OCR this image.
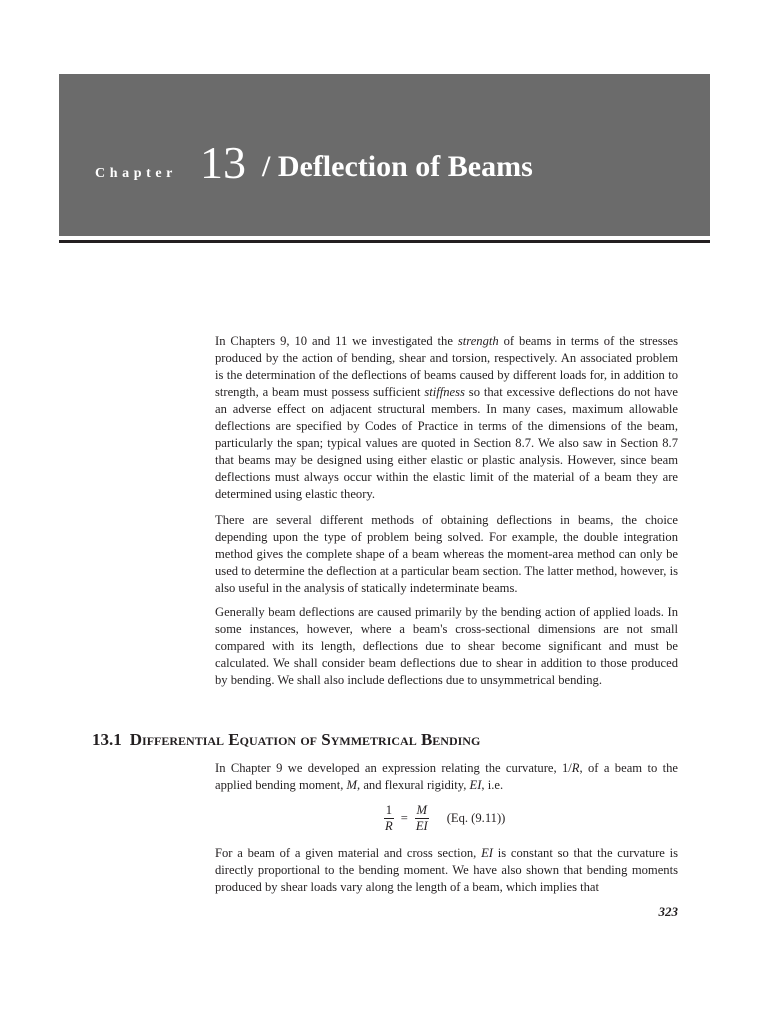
Chapter 13 / Deflection of Beams

In Chapters 9, 10 and 11 we investigated the strength of beams in terms of the stresses produced by the action of bending, shear and torsion, respectively. An associated problem is the determination of the deflections of beams caused by different loads for, in addition to strength, a beam must possess sufficient stiffness so that excessive deflections do not have an adverse effect on adjacent structural members. In many cases, maximum allowable deflections are specified by Codes of Practice in terms of the dimensions of the beam, particularly the span; typical values are quoted in Section 8.7. We also saw in Section 8.7 that beams may be designed using either elastic or plastic analysis. However, since beam deflections must always occur within the elastic limit of the material of a beam they are determined using elastic theory.

There are several different methods of obtaining deflections in beams, the choice depending upon the type of problem being solved. For example, the double integration method gives the complete shape of a beam whereas the moment-area method can only be used to determine the deflection at a particular beam section. The latter method, however, is also useful in the analysis of statically indeterminate beams.

Generally beam deflections are caused primarily by the bending action of applied loads. In some instances, however, where a beam's cross-sectional dimensions are not small compared with its length, deflections due to shear become significant and must be calculated. We shall consider beam deflections due to shear in addition to those produced by bending. We shall also include deflections due to unsymmetrical bending.

13.1 Differential Equation of Symmetrical Bending

In Chapter 9 we developed an expression relating the curvature, 1/R, of a beam to the applied bending moment, M, and flexural rigidity, EI, i.e.

$\frac{1}{R} = \frac{M}{EI} (Eq$. (9.11))

For a beam of a given material and cross section, EI is constant so that the curvature is directly proportional to the bending moment. We have also shown that bending moments produced by shear loads vary along the length of a beam, which implies that

323
